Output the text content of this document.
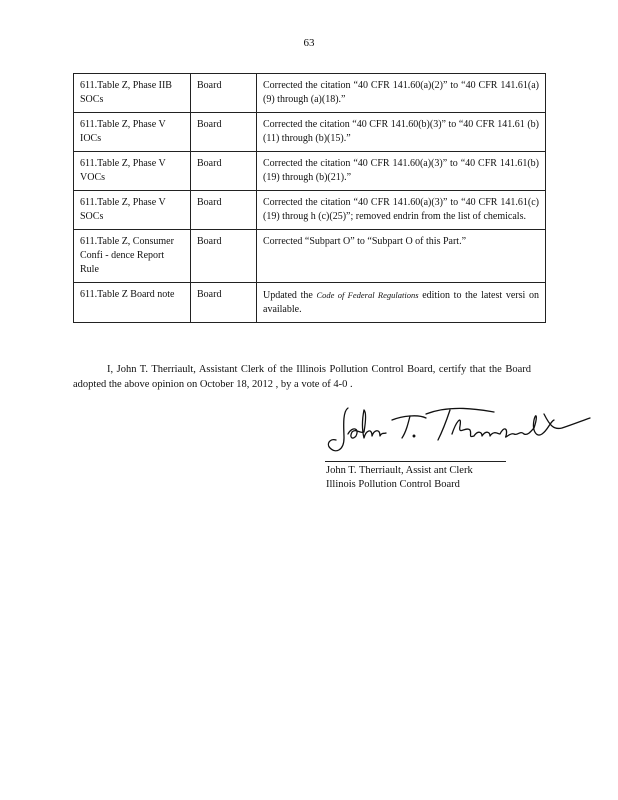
63
611.Table Z, Phase IIB SOCs	Board	Corrected the citation “40 CFR 141.60(a)(2)” to “40 CFR 141.61(a)(9) through (a)(18).”
611.Table Z, Phase V IOCs	Board	Corrected the citation “40 CFR 141.60(b)(3)” to “40 CFR 141.61 (b)(11) through (b)(15).”
611.Table Z, Phase V VOCs	Board	Corrected the citation “40 CFR 141.60(a)(3)” to “40 CFR 141.61(b)(19) through (b)(21).”
611.Table Z, Phase V SOCs	Board	Corrected the citation “40 CFR 141.60(a)(3)” to “40 CFR 141.61(c)(19) throug h (c)(25)”; removed endrin from the list of chemicals.
611.Table Z, Consumer Confi - dence Report Rule	Board	Corrected “Subpart O” to “Subpart O of this Part.”
611.Table Z Board note	Board	Updated the Code of Federal Regulations edition to the latest versi on available.
I, John T. Therriault, Assistant Clerk of the Illinois Pollution Control Board, certify that the Board adopted the above opinion on October 18, 2012 , by a vote of 4-0 .
John T. Therriault, Assist ant Clerk
Illinois Pollution Control Board
